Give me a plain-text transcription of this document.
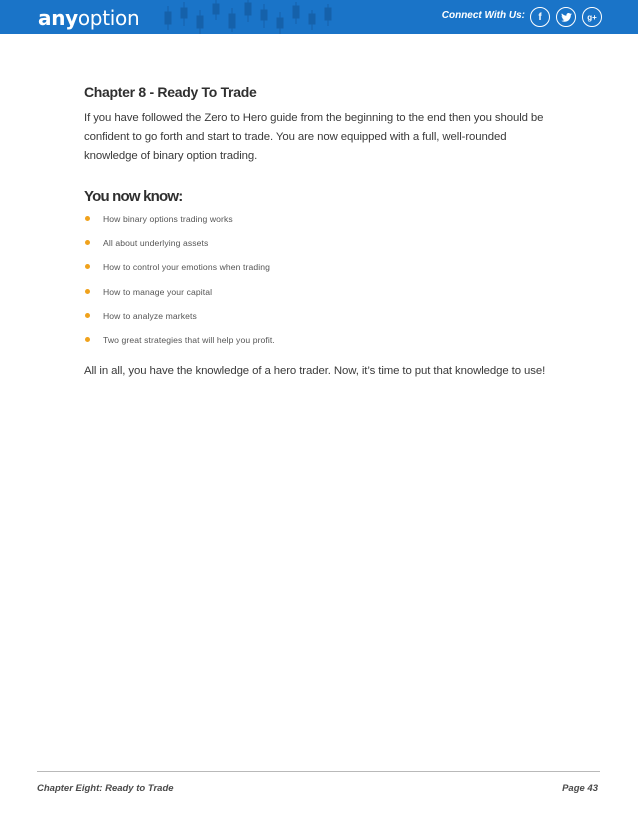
anyoption	Connect With Us: f	g+
Chapter 8 - Ready To Trade

If you have followed the Zero to Hero guide from the beginning to the end then you should be confident to go forth and start to trade. You are now equipped with a full, well-rounded knowledge of binary option trading.

You now know:
How binary options trading works
All about underlying assets
How to control your emotions when trading
How to manage your capital
How to analyze markets
Two great strategies that will help you profit.

All in all, you have the knowledge of a hero trader. Now, it’s time to put that knowledge to use!

Chapter Eight: Ready to Trade	Page 43
